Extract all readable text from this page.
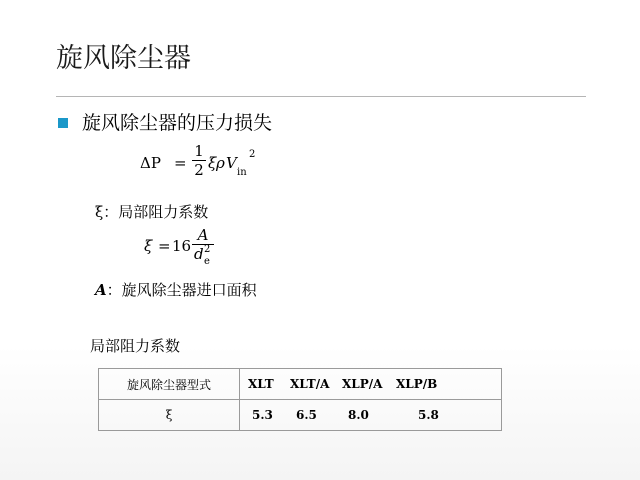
旋风除尘器
旋风除尘器的压力损失
ΔP =
1
2 ξ ρ V
in
2
ξ：局部阻力系数
ξ = 16
A
d 2
e
A：旋风除尘器进口面积
局部阻力系数
旋风除尘器型式	XLT XLT/A XLP/A XLP/B

ξ	5.3 6.5 8.0 5.8
